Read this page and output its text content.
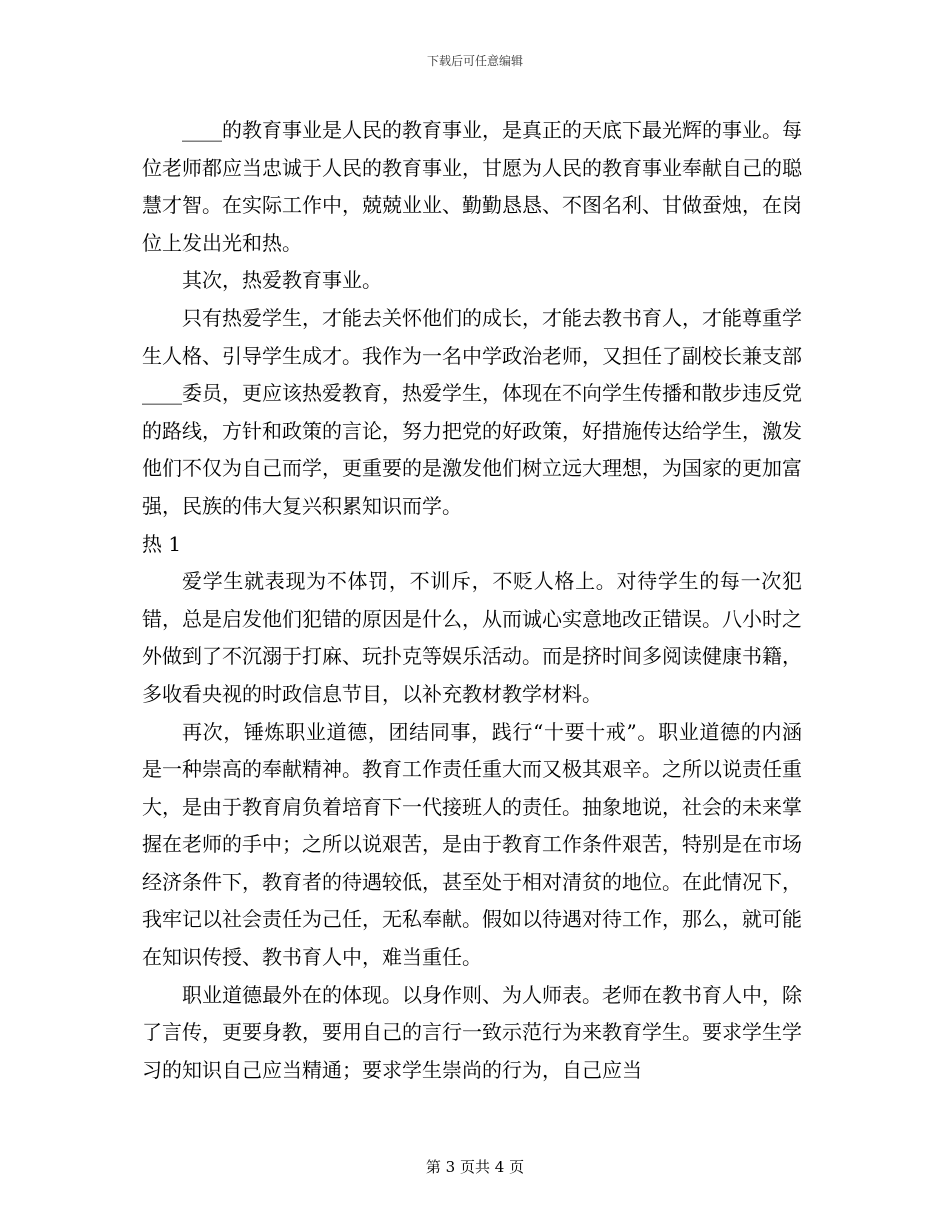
下载后可任意编辑

____的教育事业是人民的教育事业，是真正的天底下最光辉的事业。每位老师都应当忠诚于人民的教育事业，甘愿为人民的教育事业奉献自己的聪慧才智。在实际工作中，兢兢业业、勤勤恳恳、不图名利、甘做蚕烛，在岗位上发出光和热。

其次，热爱教育事业。

只有热爱学生，才能去关怀他们的成长，才能去教书育人，才能尊重学生人格、引导学生成才。我作为一名中学政治老师，又担任了副校长兼支部____委员，更应该热爱教育，热爱学生，体现在不向学生传播和散步违反党的路线，方针和政策的言论，努力把党的好政策，好措施传达给学生，激发他们不仅为自己而学，更重要的是激发他们树立远大理想，为国家的更加富强，民族的伟大复兴积累知识而学。

热 1

爱学生就表现为不体罚，不训斥，不贬人格上。对待学生的每一次犯错，总是启发他们犯错的原因是什么，从而诚心实意地改正错误。八小时之外做到了不沉溺于打麻、玩扑克等娱乐活动。而是挤时间多阅读健康书籍，多收看央视的时政信息节目，以补充教材教学材料。

再次，锤炼职业道德，团结同事，践行“十要十戒”。职业道德的内涵是一种崇高的奉献精神。教育工作责任重大而又极其艰辛。之所以说责任重大，是由于教育肩负着培育下一代接班人的责任。抽象地说，社会的未来掌握在老师的手中；之所以说艰苦，是由于教育工作条件艰苦，特别是在市场经济条件下，教育者的待遇较低，甚至处于相对清贫的地位。在此情况下，我牢记以社会责任为己任，无私奉献。假如以待遇对待工作，那么，就可能在知识传授、教书育人中，难当重任。

职业道德最外在的体现。以身作则、为人师表。老师在教书育人中，除了言传，更要身教，要用自己的言行一致示范行为来教育学生。要求学生学习的知识自己应当精通；要求学生崇尚的行为，自己应当

第 3 页共 4 页
